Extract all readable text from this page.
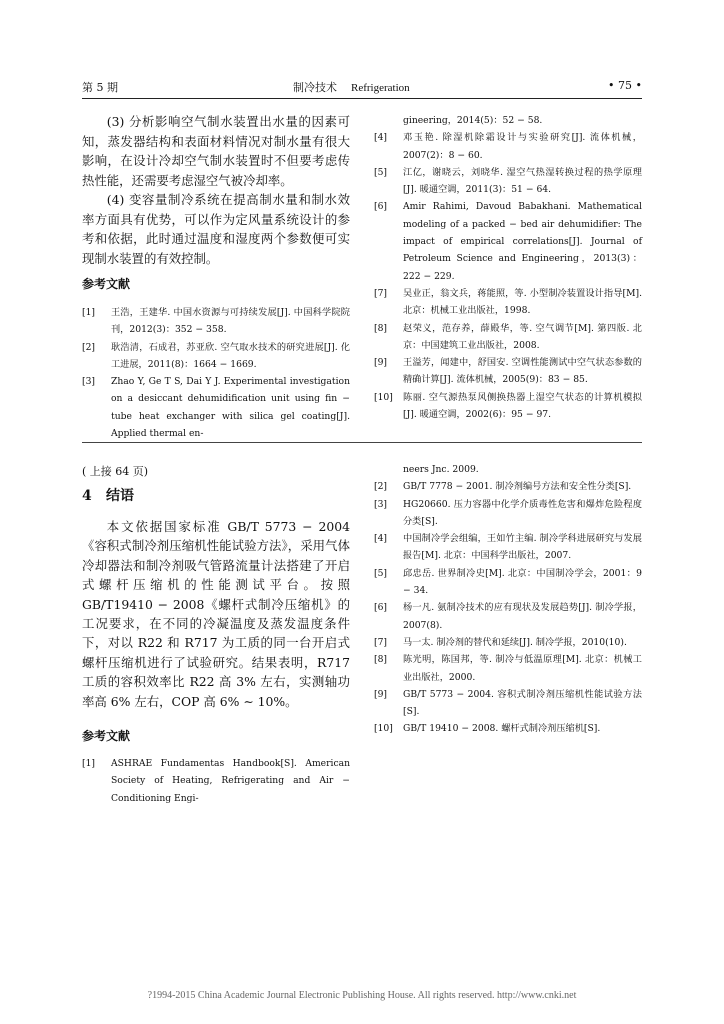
第 5 期	制冷技术 Refrigeration	• 75 •

(3) 分析影响空气制水装置出水量的因素可知，蒸发器结构和表面材料情况对制水量有很大影响，在设计冷却空气制水装置时不但要考虑传热性能，还需要考虑湿空气被冷却率。

(4) 变容量制冷系统在提高制水量和制水效率方面具有优势，可以作为定风量系统设计的参考和依据，此时通过温度和湿度两个参数便可实现制水装置的有效控制。

参考文献
[1] 王浩，王建华. 中国水资源与可持续发展[J]. 中国科学院院刊，2012(3)：352 − 358.
[2] 耿浩清，石成君，苏亚欣. 空气取水技术的研究进展[J]. 化工进展，2011(8)：1664 − 1669.
[3] Zhao Y, Ge T S, Dai Y J. Experimental investigation on a desiccant dehumidification unit using fin − tube heat exchanger with silica gel coating[J]. Applied thermal en-
gineering，2014(5)：52 − 58.
[4] 邓玉艳. 除湿机除霜设计与实验研究[J]. 流体机械，2007(2)：8 − 60.
[5] 江亿，谢晓云，刘晓华. 湿空气热湿转换过程的热学原理[J]. 暖通空调，2011(3)：51 − 64.
[6] Amir Rahimi, Davoud Babakhani. Mathematical modeling of a packed − bed air dehumidifier: The impact of empirical correlations[J]. Journal of Petroleum Science and Engineering，2013(3)：222 − 229.
[7] 吴业正，翁文兵，蒋能照，等. 小型制冷装置设计指导[M]. 北京：机械工业出版社，1998.
[8] 赵荣义，范存养，薛殿华，等. 空气调节[M]. 第四版. 北京：中国建筑工业出版社，2008.
[9] 王溢芳，闻建中，舒国安. 空调性能测试中空气状态参数的精确计算[J]. 流体机械，2005(9)：83 − 85.
[10] 陈丽. 空气源热泵风侧换热器上湿空气状态的计算机模拟[J]. 暖通空调，2002(6)：95 − 97.
( 上接 64 页)
4 结语

本文依据国家标准 GB/T 5773 − 2004《容积式制冷剂压缩机性能试验方法》，采用气体冷却器法和制冷剂吸气管路流量计法搭建了开启式螺杆压缩机的性能测试平台。按照 GB/T19410 − 2008《螺杆式制冷压缩机》的工况要求，在不同的冷凝温度及蒸发温度条件下，对以 R22 和 R717 为工质的同一台开启式螺杆压缩机进行了试验研究。结果表明，R717 工质的容积效率比 R22 高 3% 左右，实测轴功率高 6% 左右，COP 高 6% ∼ 10%。

参考文献
[1] ASHRAE Fundamentas Handbook[S]. American Society of Heating, Refrigerating and Air − Conditioning Engi-
neers Jnc. 2009.
[2] GB/T 7778 − 2001. 制冷剂编号方法和安全性分类[S].
[3] HG20660. 压力容器中化学介质毒性危害和爆炸危险程度分类[S].
[4] 中国制冷学会组编，王如竹主编. 制冷学科进展研究与发展报告[M]. 北京：中国科学出版社，2007.
[5] 邱忠岳. 世界制冷史[M]. 北京：中国制冷学会，2001：9 − 34.
[6] 杨一凡. 氨制冷技术的应有现状及发展趋势[J]. 制冷学报，2007(8).
[7] 马一太. 制冷剂的替代和延续[J]. 制冷学报，2010(10).
[8] 陈光明，陈国邦，等. 制冷与低温原理[M]. 北京：机械工业出版社，2000.
[9] GB/T 5773 − 2004. 容积式制冷剂压缩机性能试验方法[S].
[10] GB/T 19410 − 2008. 螺杆式制冷剂压缩机[S].
?1994-2015 China Academic Journal Electronic Publishing House. All rights reserved. http://www.cnki.net
